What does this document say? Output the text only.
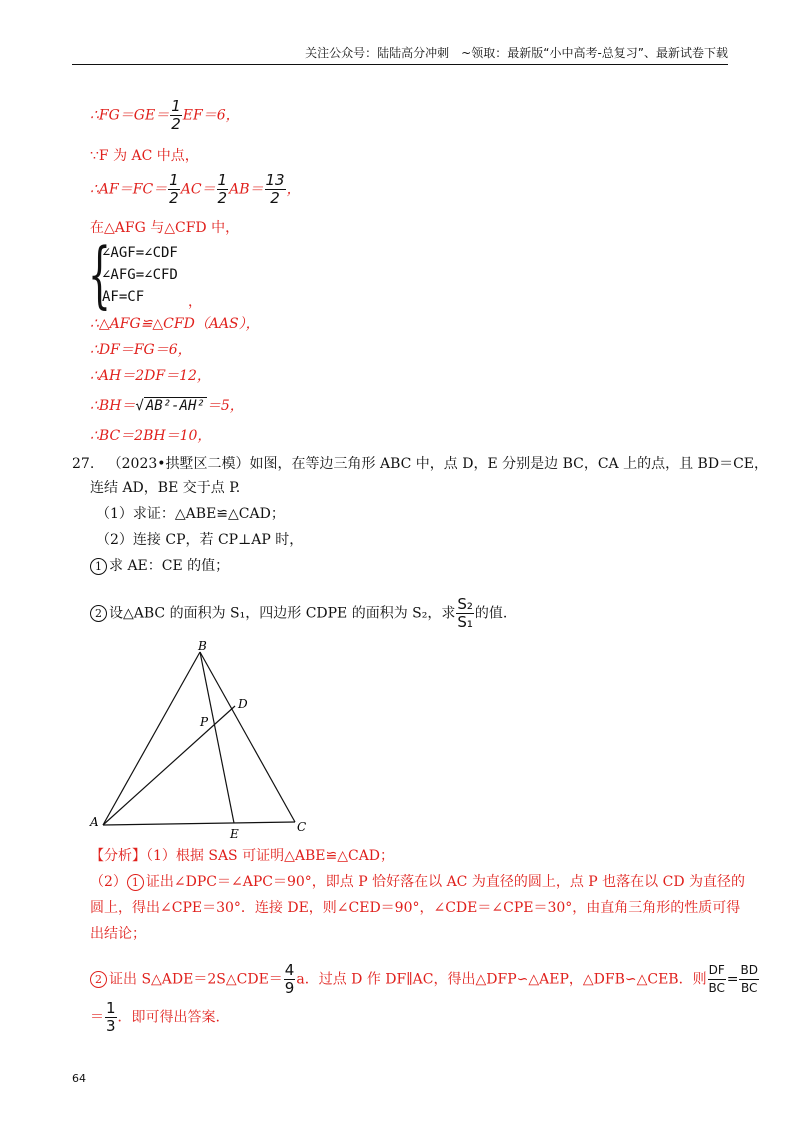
关注公众号：陆陆高分冲刺　~领取：最新版“小中高考-总复习”、最新试卷下载
∴FG＝GE＝ $\frac{1}{2} EF=6$，
∵F 为 AC 中点，
∴AF＝FC＝ $\frac{1}{2} AC= \frac{1}{2} AB= \frac{13}{2}$ ，
在△AFG 与△CFD 中，
{
∠AGF=∠CDF
∠AFG=∠CFD
AF=CF	，
∴△AFG≌△CFD（AAS），
∴DF＝FG＝6，
∴AH＝2DF＝12，
∴BH＝√ AB²-AH² ＝5，
∴BC＝2BH＝10，
27. （2023•拱墅区二模）如图，在等边三角形 ABC 中，点 D，E 分别是边 BC，CA 上的点，且 BD＝CE，
连结 AD，BE 交于点 P.
（1）求证：△ABE≌△CAD；
（2）连接 CP，若 CP⊥AP 时，
1 求 AE：CE 的值；
2 设△ABC 的面积为 S₁，四边形 CDPE 的面积为 S₂，求 $\frac{\text{S₂}}{\text{S₁}}$ 的值.
B
D
P
A
E	C
【分析】（1）根据 SAS 可证明△ABE≌△CAD；
（2） 1 证出∠DPC＝∠APC＝90°，即点 P 恰好落在以 AC 为直径的圆上，点 P 也落在以 CD 为直径的
圆上，得出∠CPE＝30°．连接 DE，则∠CED＝90°，∠CDE＝∠CPE＝30°，由直角三角形的性质可得
出结论；
2 证出 S△ADE＝2S△CDE＝ $\frac{4}{9}$ a．过点 D 作 DF∥AC，得出△DFP∽△AEP，△DFB∽△CEB．则 $\frac{DF}{BC} = \frac{BD}{BC}$
＝ $\frac{1}{3}$ ．即可得出答案.
64
